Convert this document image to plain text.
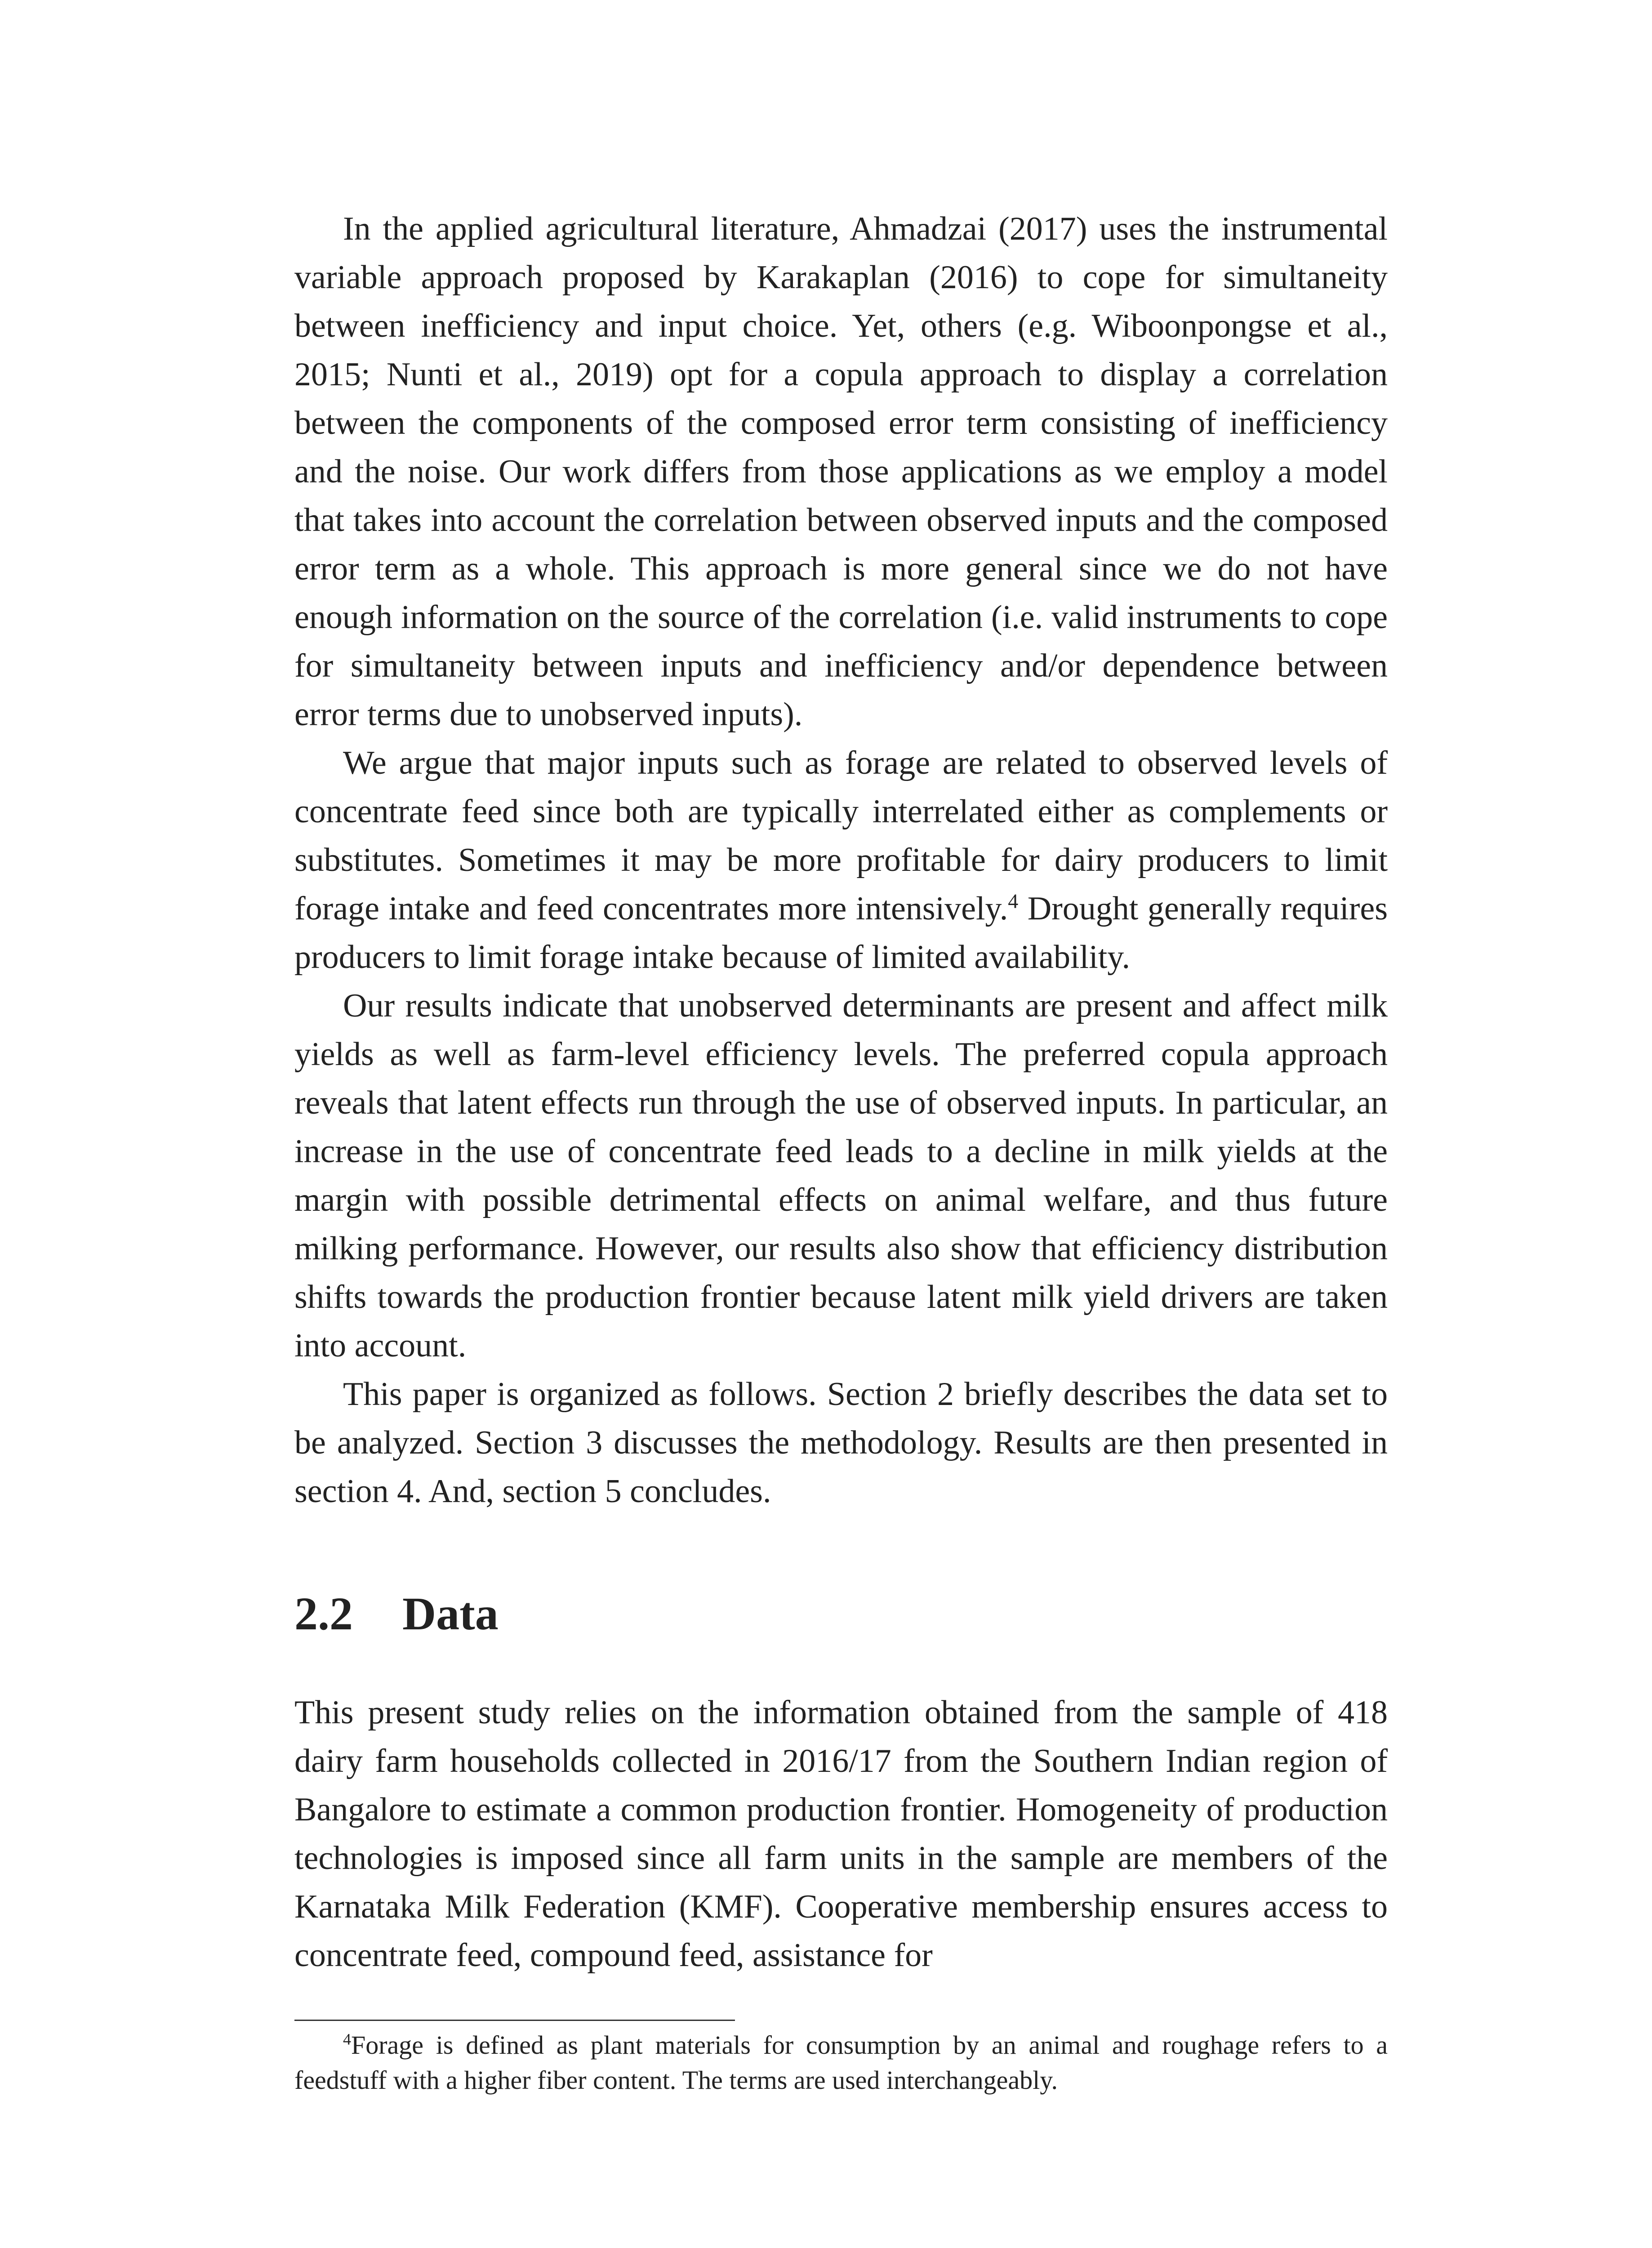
In the applied agricultural literature, Ahmadzai (2017) uses the instrumental variable approach proposed by Karakaplan (2016) to cope for simultaneity between inefficiency and input choice. Yet, others (e.g. Wiboonpongse et al., 2015; Nunti et al., 2019) opt for a copula approach to display a correlation between the components of the composed error term consisting of inefficiency and the noise. Our work differs from those applications as we employ a model that takes into account the correlation between observed inputs and the composed error term as a whole. This approach is more general since we do not have enough information on the source of the correlation (i.e. valid instruments to cope for simultaneity between inputs and inefficiency and/or dependence between error terms due to unobserved inputs).

We argue that major inputs such as forage are related to observed levels of concentrate feed since both are typically interrelated either as complements or substitutes. Sometimes it may be more profitable for dairy producers to limit forage intake and feed concentrates more intensively.$^4$ Drought generally requires producers to limit forage intake because of limited availability.

Our results indicate that unobserved determinants are present and affect milk yields as well as farm-level efficiency levels. The preferred copula approach reveals that latent effects run through the use of observed inputs. In particular, an increase in the use of concentrate feed leads to a decline in milk yields at the margin with possible detrimental effects on animal welfare, and thus future milking performance. However, our results also show that efficiency distribution shifts towards the production frontier because latent milk yield drivers are taken into account.

This paper is organized as follows. Section 2 briefly describes the data set to be analyzed. Section 3 discusses the methodology. Results are then presented in section 4. And, section 5 concludes.

2.2 Data

This present study relies on the information obtained from the sample of 418 dairy farm households collected in 2016/17 from the Southern Indian region of Bangalore to estimate a common production frontier. Homogeneity of production technologies is imposed since all farm units in the sample are members of the Karnataka Milk Federation (KMF). Cooperative membership ensures access to concentrate feed, compound feed, assistance for

$^4$Forage is defined as plant materials for consumption by an animal and roughage refers to a feedstuff with a higher fiber content. The terms are used interchangeably.
